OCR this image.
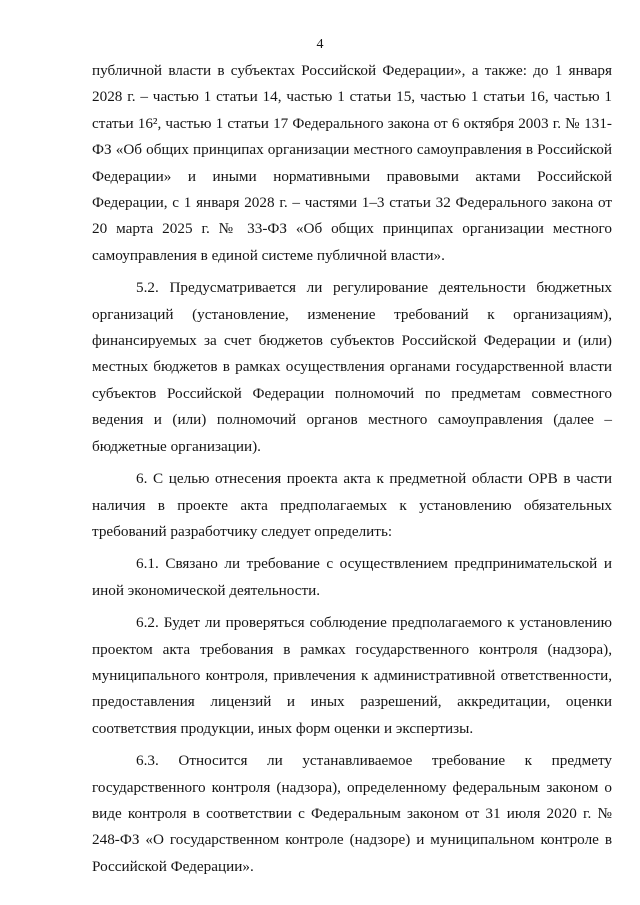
4

публичной власти в субъектах Российской Федерации», а также: до 1 января 2028 г. – частью 1 статьи 14, частью 1 статьи 15, частью 1 статьи 16, частью 1 статьи 16², частью 1 статьи 17 Федерального закона от 6 октября 2003 г. № 131-ФЗ «Об общих принципах организации местного самоуправления в Российской Федерации» и иными нормативными правовыми актами Российской Федерации, с 1 января 2028 г. – частями 1–3 статьи 32 Федерального закона от 20 марта 2025 г. № 33-ФЗ «Об общих принципах организации местного самоуправления в единой системе публичной власти».

5.2. Предусматривается ли регулирование деятельности бюджетных организаций (установление, изменение требований к организациям), финансируемых за счет бюджетов субъектов Российской Федерации и (или) местных бюджетов в рамках осуществления органами государственной власти субъектов Российской Федерации полномочий по предметам совместного ведения и (или) полномочий органов местного самоуправления (далее – бюджетные организации).

6. С целью отнесения проекта акта к предметной области ОРВ в части наличия в проекте акта предполагаемых к установлению обязательных требований разработчику следует определить:

6.1. Связано ли требование с осуществлением предпринимательской и иной экономической деятельности.

6.2. Будет ли проверяться соблюдение предполагаемого к установлению проектом акта требования в рамках государственного контроля (надзора), муниципального контроля, привлечения к административной ответственности, предоставления лицензий и иных разрешений, аккредитации, оценки соответствия продукции, иных форм оценки и экспертизы.

6.3. Относится ли устанавливаемое требование к предмету государственного контроля (надзора), определенному федеральным законом о виде контроля в соответствии с Федеральным законом от 31 июля 2020 г. № 248-ФЗ «О государственном контроле (надзоре) и муниципальном контроле в Российской Федерации».
